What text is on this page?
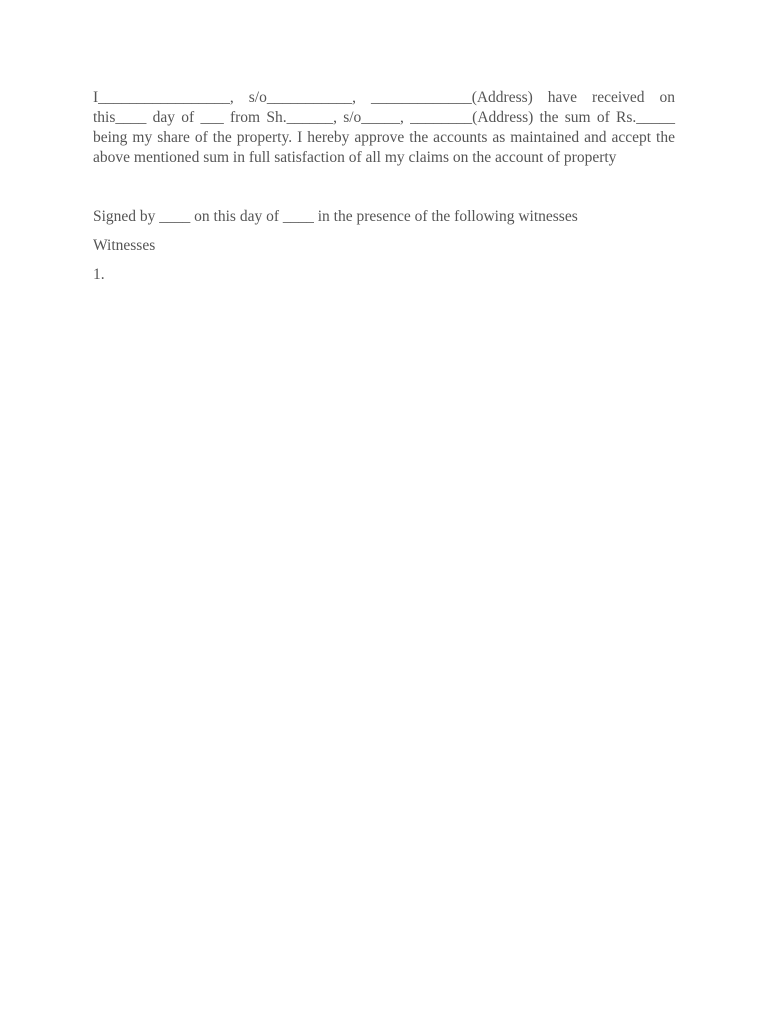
I_________________, s/o___________, _____________(Address) have received on this____ day of ___ from Sh.______, s/o_____, ________(Address) the sum of Rs._____ being my share of the property. I hereby approve the accounts as maintained and accept the above mentioned sum in full satisfaction of all my claims on the account of property

Signed by ____ on this day of ____ in the presence of the following witnesses

Witnesses

1.
